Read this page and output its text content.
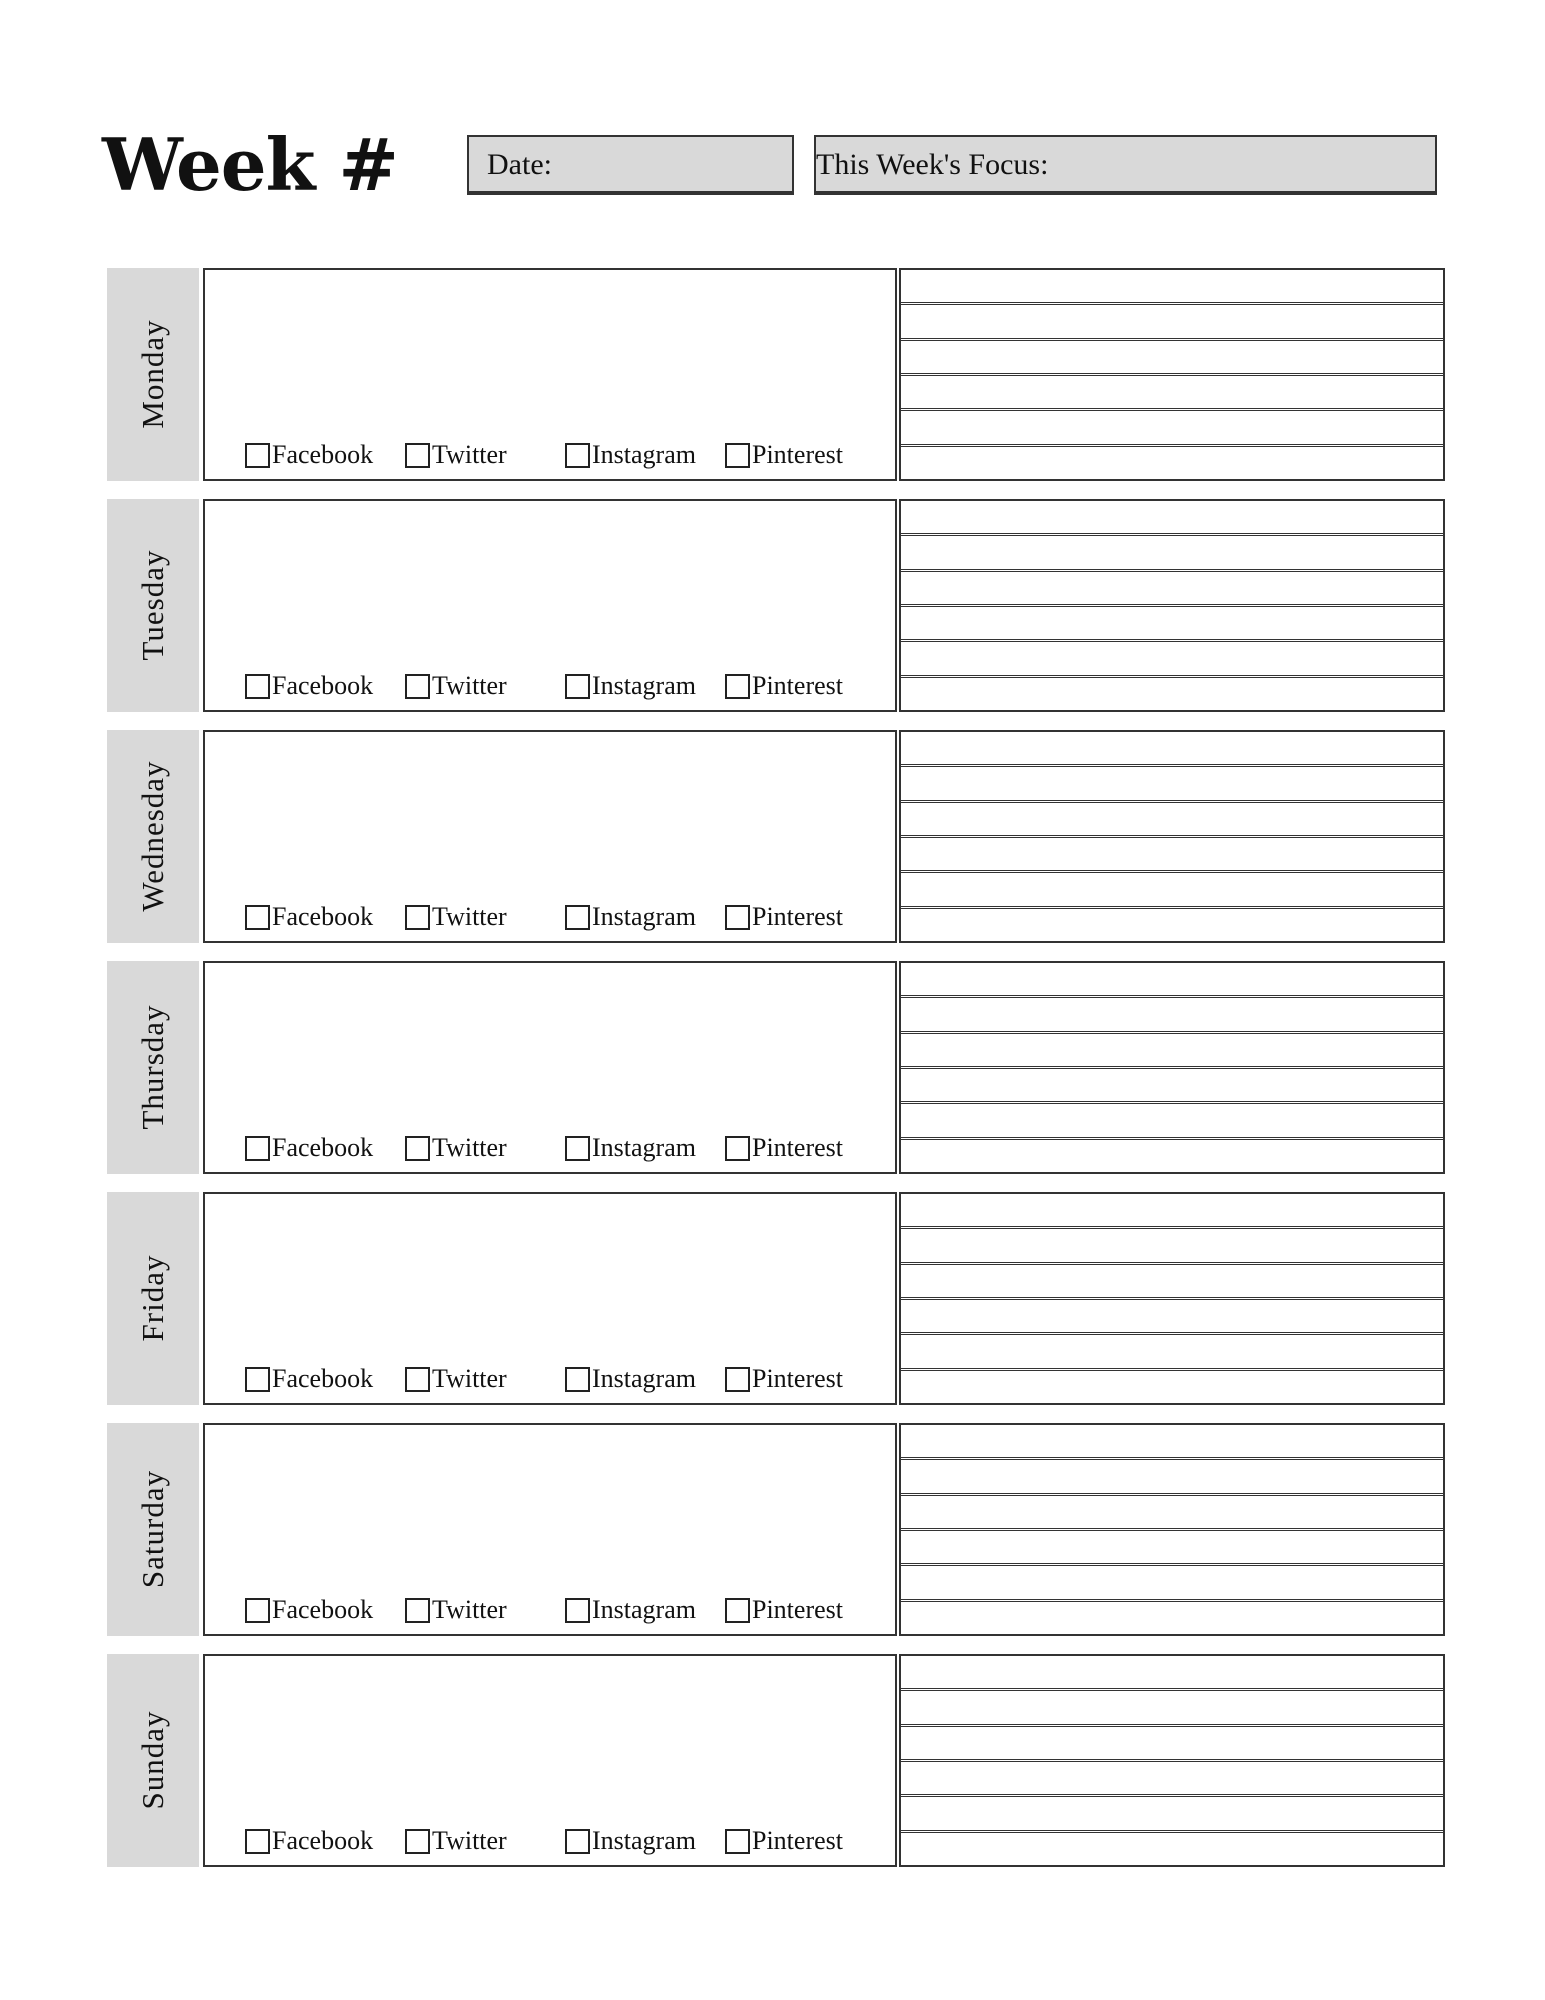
Week #	Date:	This Week's Focus:
Monday
Facebook Twitter	Instagram Pinterest
Tuesday
Facebook Twitter	Instagram Pinterest
Wednesday
Facebook Twitter	Instagram Pinterest
Thursday
Facebook Twitter	Instagram Pinterest
Friday
Facebook Twitter	Instagram Pinterest
Saturday
Facebook Twitter	Instagram Pinterest
Sunday
Facebook Twitter	Instagram Pinterest
